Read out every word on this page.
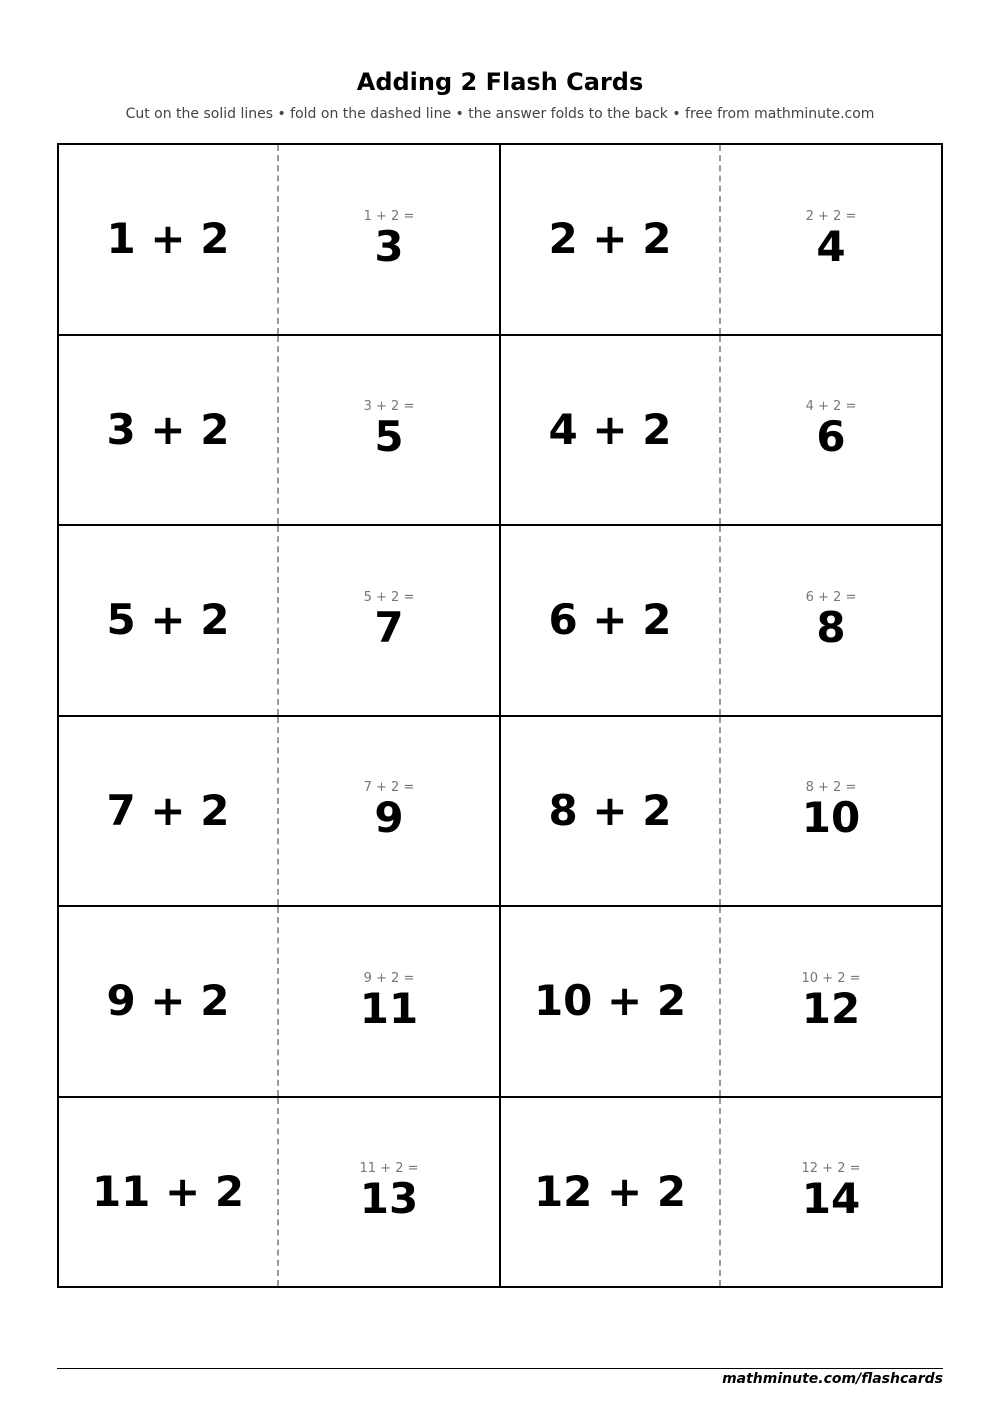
Adding 2 Flash Cards
Cut on the solid lines • fold on the dashed line • the answer folds to the back • free from mathminute.com
1 + 2	1 + 2 =
3	2 + 2	2 + 2 =
4
3 + 2	3 + 2 =
5	4 + 2	4 + 2 =
6
5 + 2	5 + 2 =
7	6 + 2	6 + 2 =
8
7 + 2	7 + 2 =
9	8 + 2	8 + 2 =
10
9 + 2	9 + 2 =
11	10 + 2	10 + 2 =
12
11 + 2	11 + 2 =
13	12 + 2	12 + 2 =
14
mathminute.com/flashcards
